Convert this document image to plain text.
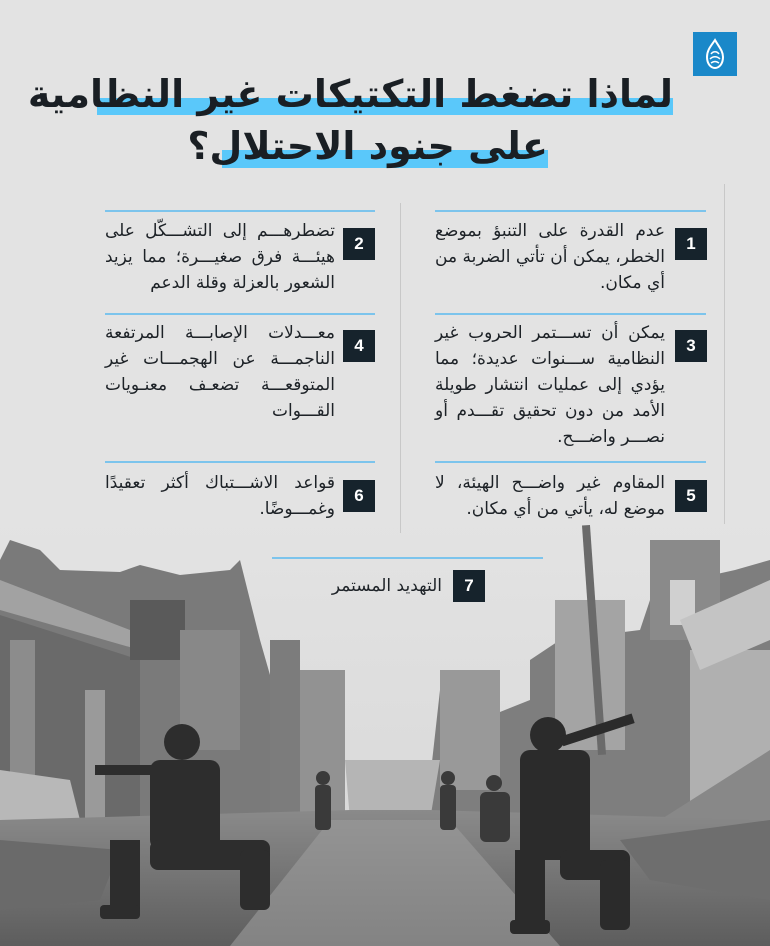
لماذا تضغط التكتيكات غير النظامية
على جنود الاحتلال؟
1
عدم القدرة على التنبؤ بموضع الخطر، يمكن أن تأتي الضربة من أي مكان.
2
تضطرهـــم إلى التشـــكّل على هيئـــة فرق صغيـــرة؛ مما يزيد الشعور بالعزلة وقلة الدعم
3
يمكن أن تســـتمر الحروب غير النظامية ســـنوات عديدة؛ مما يؤدي إلى عمليات انتشار طويلة الأمد من دون تحقيق تقـــدم أو نصـــر واضـــح.
4
معـــدلات الإصابـــة المرتفعة الناجمـــة عن الهجمـــات غير المتوقعـــة تضعـف معنـويات القـــوات
5
المقاوم غير واضـــح الهيئة، لا موضع له، يأتي من أي مكان.
6
قواعد الاشـــتباك أكثر تعقيدًا وغمـــوضًا.
7
التهديد المستمر
